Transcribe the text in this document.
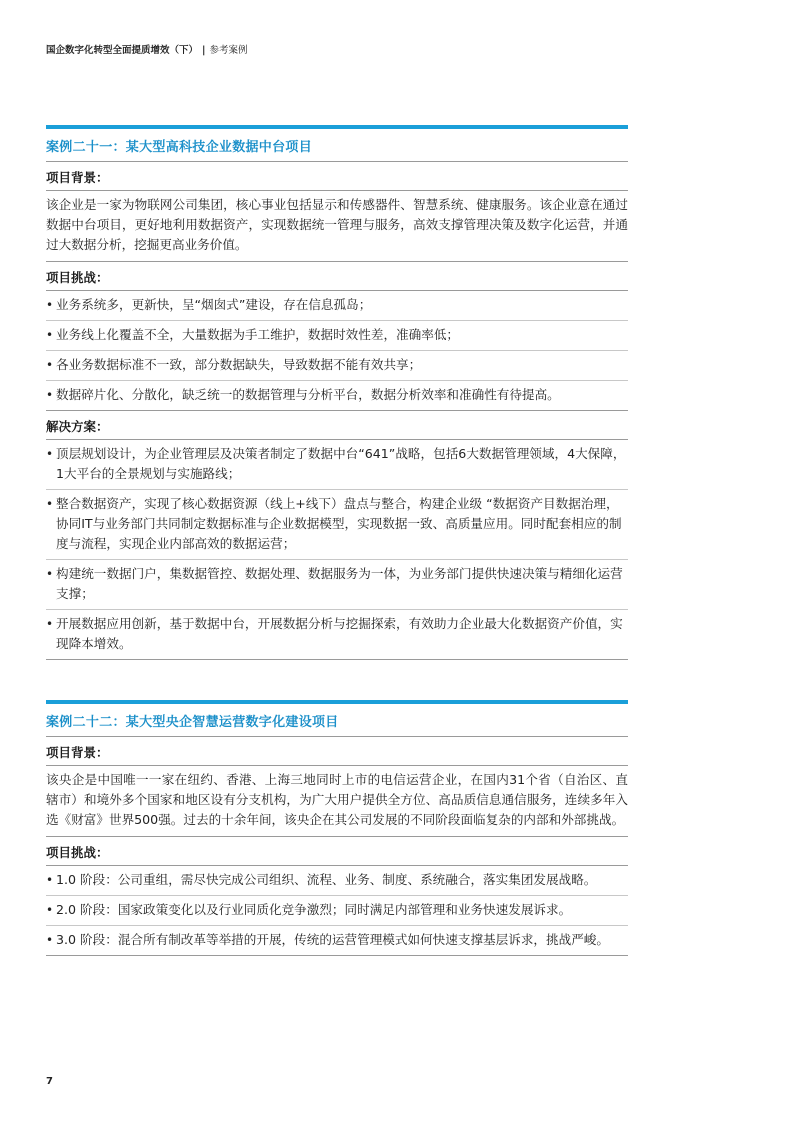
国企数字化转型全面提质增效（下） | 参考案例
案例二十一：某大型高科技企业数据中台项目
项目背景：
该企业是一家为物联网公司集团，核心事业包括显示和传感器件、智慧系统、健康服务。该企业意在通过数据中台项目，更好地利用数据资产，实现数据统一管理与服务，高效支撑管理决策及数字化运营，并通过大数据分析，挖掘更高业务价值。
项目挑战：
• 业务系统多，更新快，呈“烟囱式”建设，存在信息孤岛；
• 业务线上化覆盖不全，大量数据为手工维护，数据时效性差，准确率低；
• 各业务数据标准不一致，部分数据缺失，导致数据不能有效共享；
• 数据碎片化、分散化，缺乏统一的数据管理与分析平台，数据分析效率和准确性有待提高。
解决方案：
• 顶层规划设计，为企业管理层及决策者制定了数据中台“641”战略，包括6大数据管理领域，4大保障，1大平台的全景规划与实施路线；
• 整合数据资产，实现了核心数据资源（线上+线下）盘点与整合，构建企业级 “数据资产目数据治理，协同IT与业务部门共同制定数据标准与企业数据模型，实现数据一致、高质量应用。同时配套相应的制度与流程，实现企业内部高效的数据运营；
• 构建统一数据门户，集数据管控、数据处理、数据服务为一体，为业务部门提供快速决策与精细化运营支撑；
• 开展数据应用创新，基于数据中台，开展数据分析与挖掘探索，有效助力企业最大化数据资产价值，实现降本增效。
案例二十二：某大型央企智慧运营数字化建设项目
项目背景：
该央企是中国唯一一家在纽约、香港、上海三地同时上市的电信运营企业，在国内31个省（自治区、直辖市）和境外多个国家和地区设有分支机构，为广大用户提供全方位、高品质信息通信服务，连续多年入选《财富》世界500强。过去的十余年间，该央企在其公司发展的不同阶段面临复杂的内部和外部挑战。
项目挑战：
• 1.0 阶段：公司重组，需尽快完成公司组织、流程、业务、制度、系统融合，落实集团发展战略。
• 2.0 阶段：国家政策变化以及行业同质化竞争激烈；同时满足内部管理和业务快速发展诉求。
• 3.0 阶段：混合所有制改革等举措的开展，传统的运营管理模式如何快速支撑基层诉求，挑战严峻。
7
